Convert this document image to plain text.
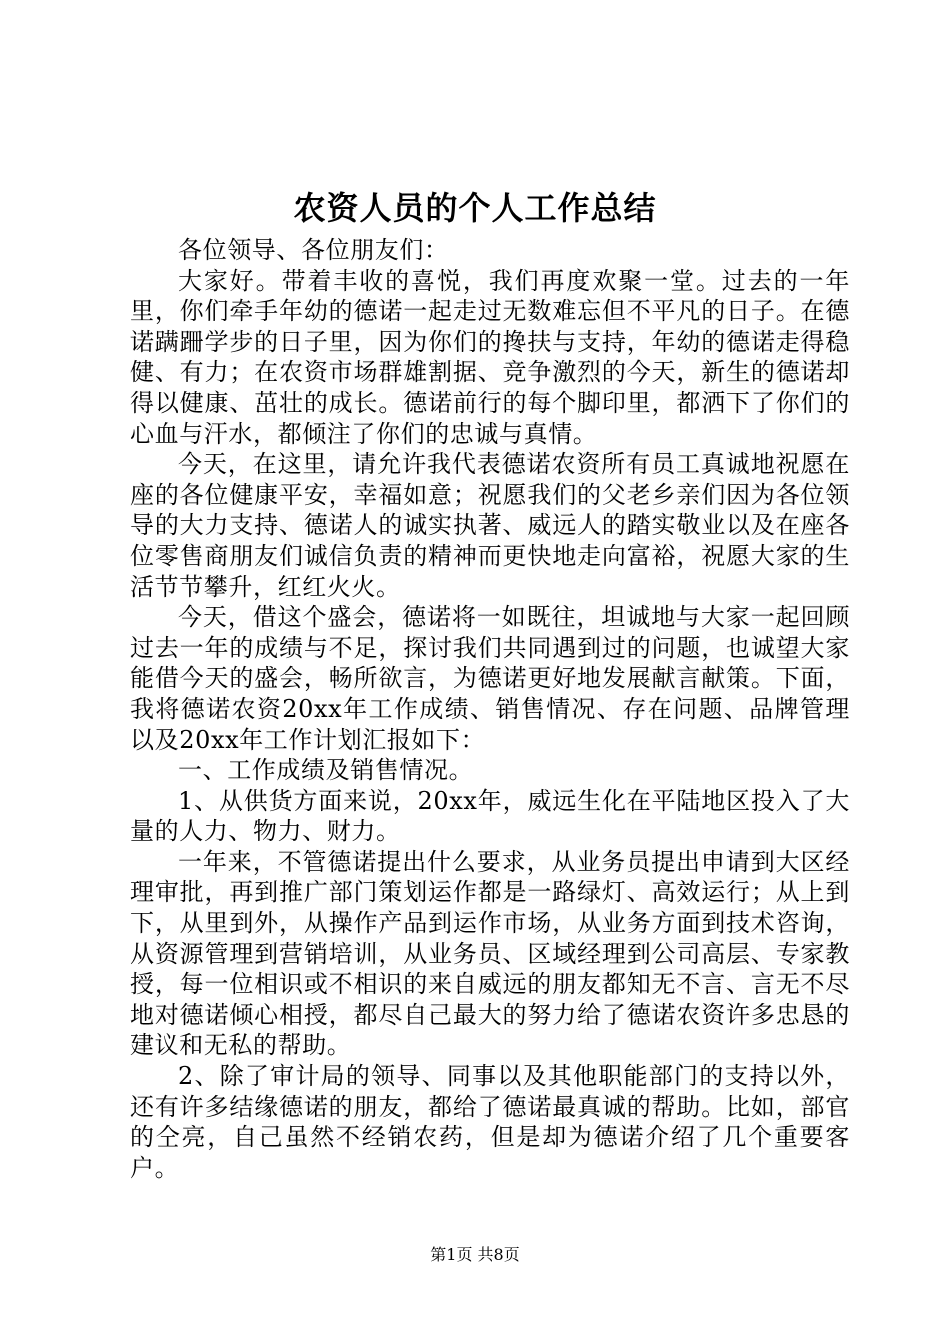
农资人员的个人工作总结

各位领导、各位朋友们：

大家好。带着丰收的喜悦，我们再度欢聚一堂。过去的一年里，你们牵手年幼的德诺一起走过无数难忘但不平凡的日子。在德诺蹒跚学步的日子里，因为你们的搀扶与支持，年幼的德诺走得稳健、有力；在农资市场群雄割据、竞争激烈的今天，新生的德诺却得以健康、茁壮的成长。德诺前行的每个脚印里，都洒下了你们的心血与汗水，都倾注了你们的忠诚与真情。

今天，在这里，请允许我代表德诺农资所有员工真诚地祝愿在座的各位健康平安，幸福如意；祝愿我们的父老乡亲们因为各位领导的大力支持、德诺人的诚实执著、威远人的踏实敬业以及在座各位零售商朋友们诚信负责的精神而更快地走向富裕，祝愿大家的生活节节攀升，红红火火。

今天，借这个盛会，德诺将一如既往，坦诚地与大家一起回顾过去一年的成绩与不足，探讨我们共同遇到过的问题，也诚望大家能借今天的盛会，畅所欲言，为德诺更好地发展献言献策。下面，我将德诺农资20xx年工作成绩、销售情况、存在问题、品牌管理以及20xx年工作计划汇报如下：

一、工作成绩及销售情况。

1、从供货方面来说，20xx年，威远生化在平陆地区投入了大量的人力、物力、财力。

一年来，不管德诺提出什么要求，从业务员提出申请到大区经理审批，再到推广部门策划运作都是一路绿灯、高效运行；从上到下，从里到外，从操作产品到运作市场，从业务方面到技术咨询，从资源管理到营销培训，从业务员、区域经理到公司高层、专家教授，每一位相识或不相识的来自威远的朋友都知无不言、言无不尽地对德诺倾心相授，都尽自己最大的努力给了德诺农资许多忠恳的建议和无私的帮助。

2、除了审计局的领导、同事以及其他职能部门的支持以外，还有许多结缘德诺的朋友，都给了德诺最真诚的帮助。比如，部官的仝亮，自己虽然不经销农药，但是却为德诺介绍了几个重要客户。

第1页 共8页
